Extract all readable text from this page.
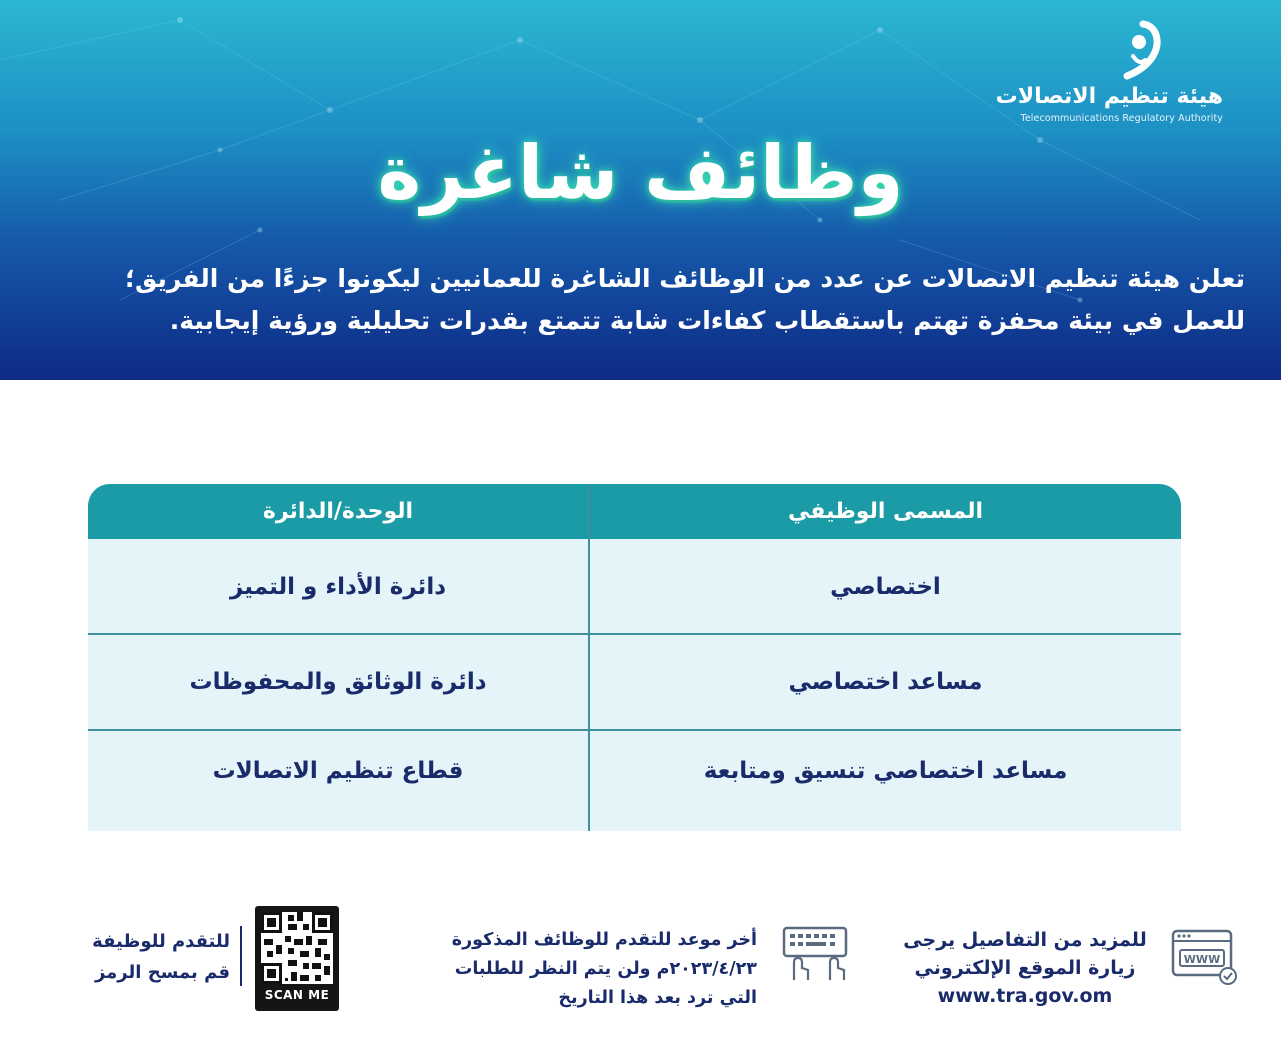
هيئة تنظيم الاتصالات
Telecommunications Regulatory Authority
وظائف شاغرة

تعلن هيئة تنظيم الاتصالات عن عدد من الوظائف الشاغرة للعمانيين ليكونوا جزءًا من الفريق؛

للعمل في بيئة محفزة تهتم باستقطاب كفاءات شابة تتمتع بقدرات تحليلية ورؤية إيجابية.

المسمى الوظيفي
الوحدة/الدائرة
اختصاصي
دائرة الأداء و التميز
مساعد اختصاصي
دائرة الوثائق والمحفوظات
مساعد اختصاصي تنسيق ومتابعة
قطاع تنظيم الاتصالات
WWW
للمزيد من التفاصيل يرجى
زيارة الموقع الإلكتروني
www.tra.gov.om
أخر موعد للتقدم للوظائف المذكورة
٢٠٢٣/٤/٢٣م ولن يتم النظر للطلبات
التي ترد بعد هذا التاريخ
للتقدم للوظيفة
قم بمسح الرمز
SCAN ME
